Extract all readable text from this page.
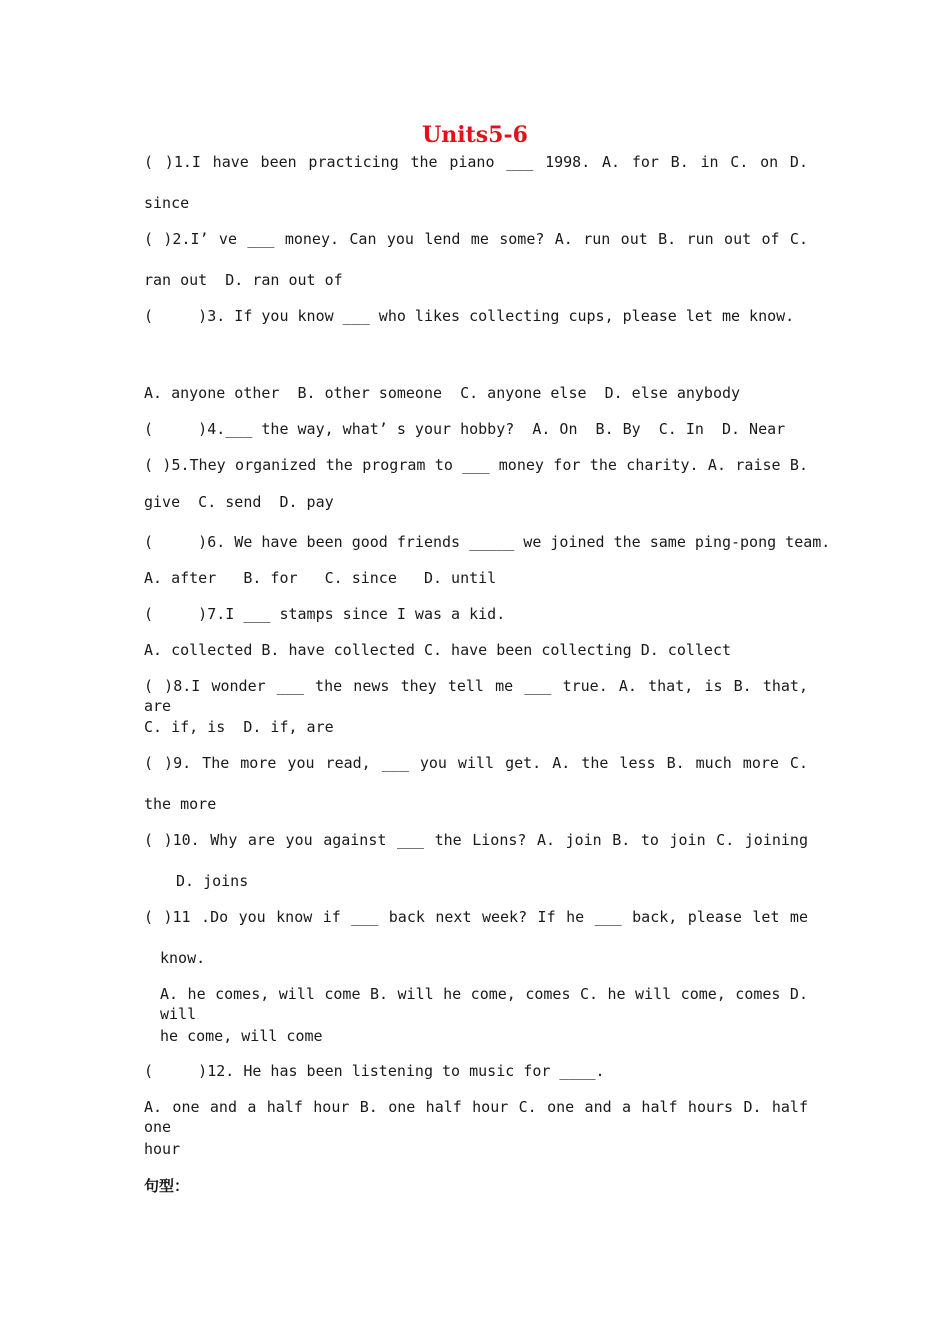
Units5-6
( )1.I have been practicing the piano ___ 1998. A. for B. in C. on D.
since
( )2.I’ ve ___ money. Can you lend me some? A. run out B. run out of C.
ran out  D. ran out of
(     )3. If you know ___ who likes collecting cups, please let me know.
A. anyone other  B. other someone  C. anyone else  D. else anybody
(     )4.___ the way, what’ s your hobby?  A. On  B. By  C. In  D. Near
( )5.They organized the program to ___ money for the charity. A. raise B.
give  C. send  D. pay
(     )6. We have been good friends _____ we joined the same ping-pong team.
A. after   B. for   C. since   D. until
(     )7.I ___ stamps since I was a kid.
A. collected B. have collected C. have been collecting D. collect
( )8.I wonder ___ the news they tell me ___ true. A. that, is B. that, are
C. if, is  D. if, are
( )9. The more you read, ___ you will get. A. the less B. much more C.
the more
( )10. Why are you against ___ the Lions? A. join B. to join C. joining
D. joins
( )11 .Do you know if ___ back next week? If he ___ back, please let me
know.
A. he comes, will come B. will he come, comes C. he will come, comes D. will
he come, will come
(     )12. He has been listening to music for ____.
A. one and a half hour B. one half hour C. one and a half hours D. half one
hour
句型：
